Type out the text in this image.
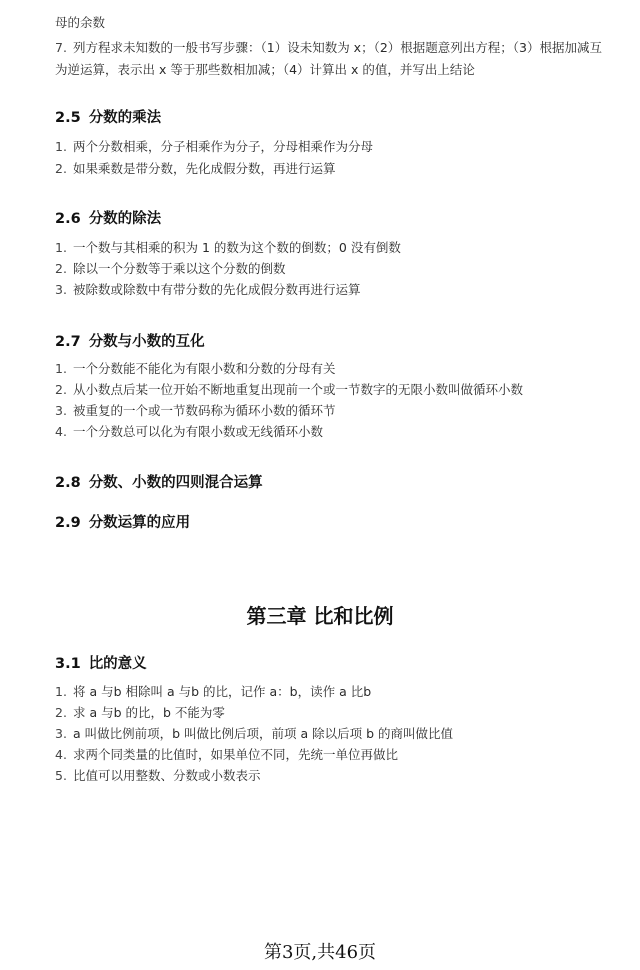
母的余数
7. 列方程求未知数的一般书写步骤：（1）设未知数为 x；（2）根据题意列出方程；（3）根据加减互为逆运算，表示出 x 等于那些数相加减；（4）计算出 x 的值，并写出上结论
2.5 分数的乘法
1. 两个分数相乘，分子相乘作为分子，分母相乘作为分母
2. 如果乘数是带分数，先化成假分数，再进行运算
2.6 分数的除法
1. 一个数与其相乘的积为 1 的数为这个数的倒数；0 没有倒数
2. 除以一个分数等于乘以这个分数的倒数
3. 被除数或除数中有带分数的先化成假分数再进行运算
2.7 分数与小数的互化
1. 一个分数能不能化为有限小数和分数的分母有关
2. 从小数点后某一位开始不断地重复出现前一个或一节数字的无限小数叫做循环小数
3. 被重复的一个或一节数码称为循环小数的循环节
4. 一个分数总可以化为有限小数或无线循环小数
2.8 分数、小数的四则混合运算
2.9 分数运算的应用
第三章 比和比例
3.1 比的意义
1. 将 a 与b 相除叫 a 与b 的比，记作 a：b，读作 a 比b
2. 求 a 与b 的比，b 不能为零
3. a 叫做比例前项，b 叫做比例后项，前项 a 除以后项 b 的商叫做比值
4. 求两个同类量的比值时，如果单位不同，先统一单位再做比
5. 比值可以用整数、分数或小数表示
第3页,共46页
